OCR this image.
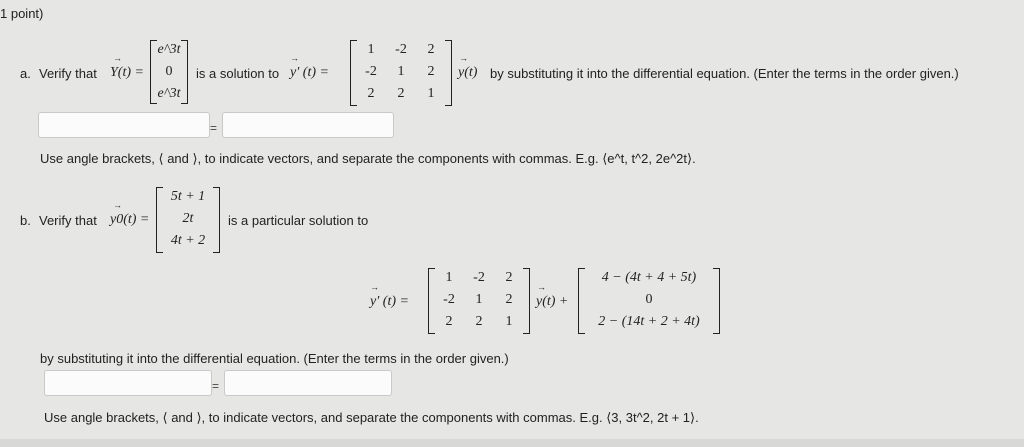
1 point)
a. Verify that Y(t) =
→
e^3t
0
e^3t
is a solution to y′ (t) =
→
1	-2	2
-2	1	2
2	2	1
y(t)
→
by substituting it into the differential equation. (Enter the terms in the order given.)
=
Use angle brackets, ⟨ and ⟩, to indicate vectors, and separate the components with commas. E.g. ⟨e^t, t^2, 2e^2t⟩.
b. Verify that y0(t) =
→
5t + 1
2t
4t + 2
is a particular solution to
y′ (t) =
→
1	-2	2
-2	1	2
2	2	1
y(t) +
→
4 − (4t + 4 + 5t)
0
2 − (14t + 2 + 4t)
by substituting it into the differential equation. (Enter the terms in the order given.)
=
Use angle brackets, ⟨ and ⟩, to indicate vectors, and separate the components with commas. E.g. ⟨3, 3t^2, 2t + 1⟩.
